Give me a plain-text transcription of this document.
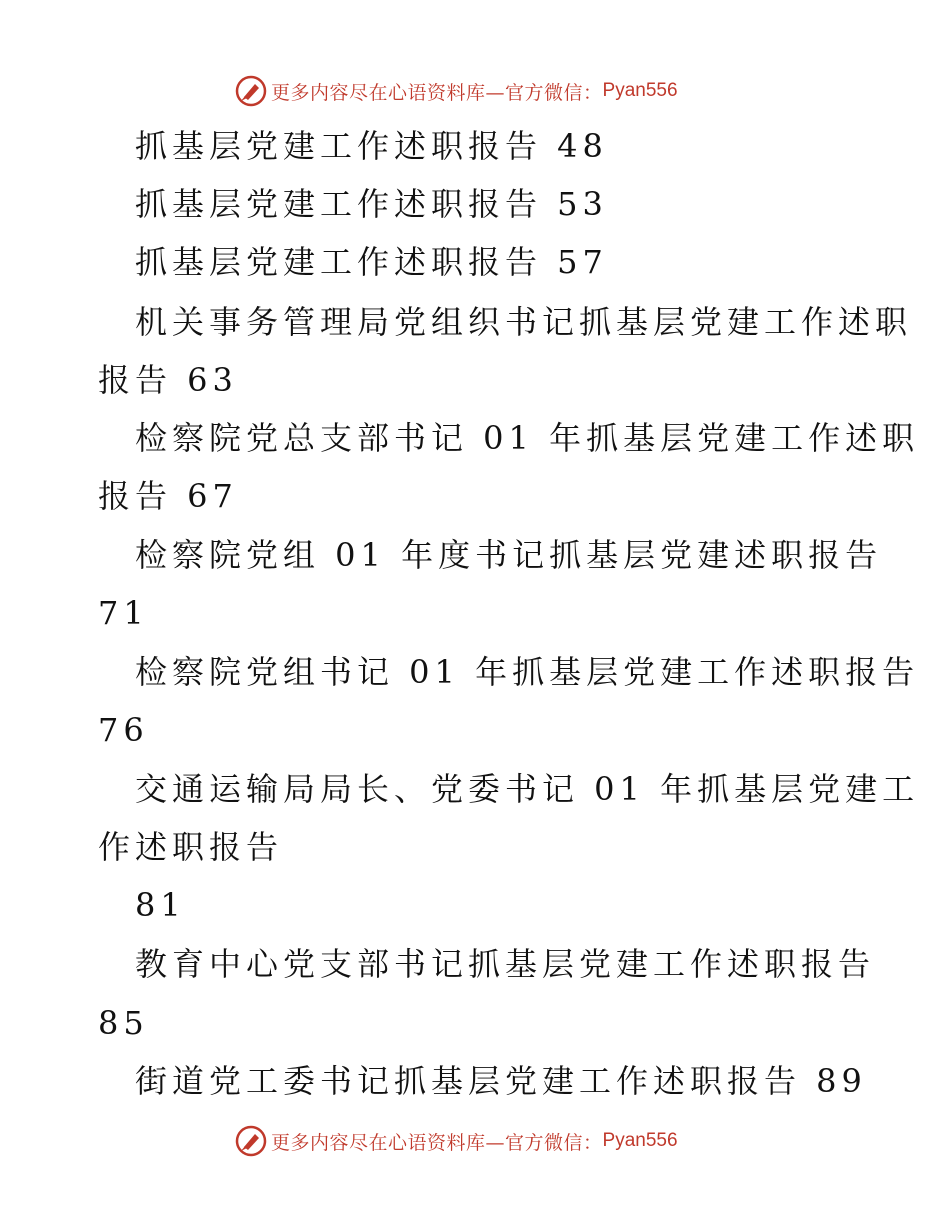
更多内容尽在心语资料库—官方微信： Pyan556
抓基层党建工作述职报告 48
抓基层党建工作述职报告 53
抓基层党建工作述职报告 57
机关事务管理局党组织书记抓基层党建工作述职
报告 63
检察院党总支部书记 01 年抓基层党建工作述职
报告 67
检察院党组 01 年度书记抓基层党建述职报告
71
检察院党组书记 01 年抓基层党建工作述职报告
76
交通运输局局长、党委书记 01 年抓基层党建工
作述职报告
81
教育中心党支部书记抓基层党建工作述职报告
85
街道党工委书记抓基层党建工作述职报告 89
更多内容尽在心语资料库—官方微信： Pyan556
